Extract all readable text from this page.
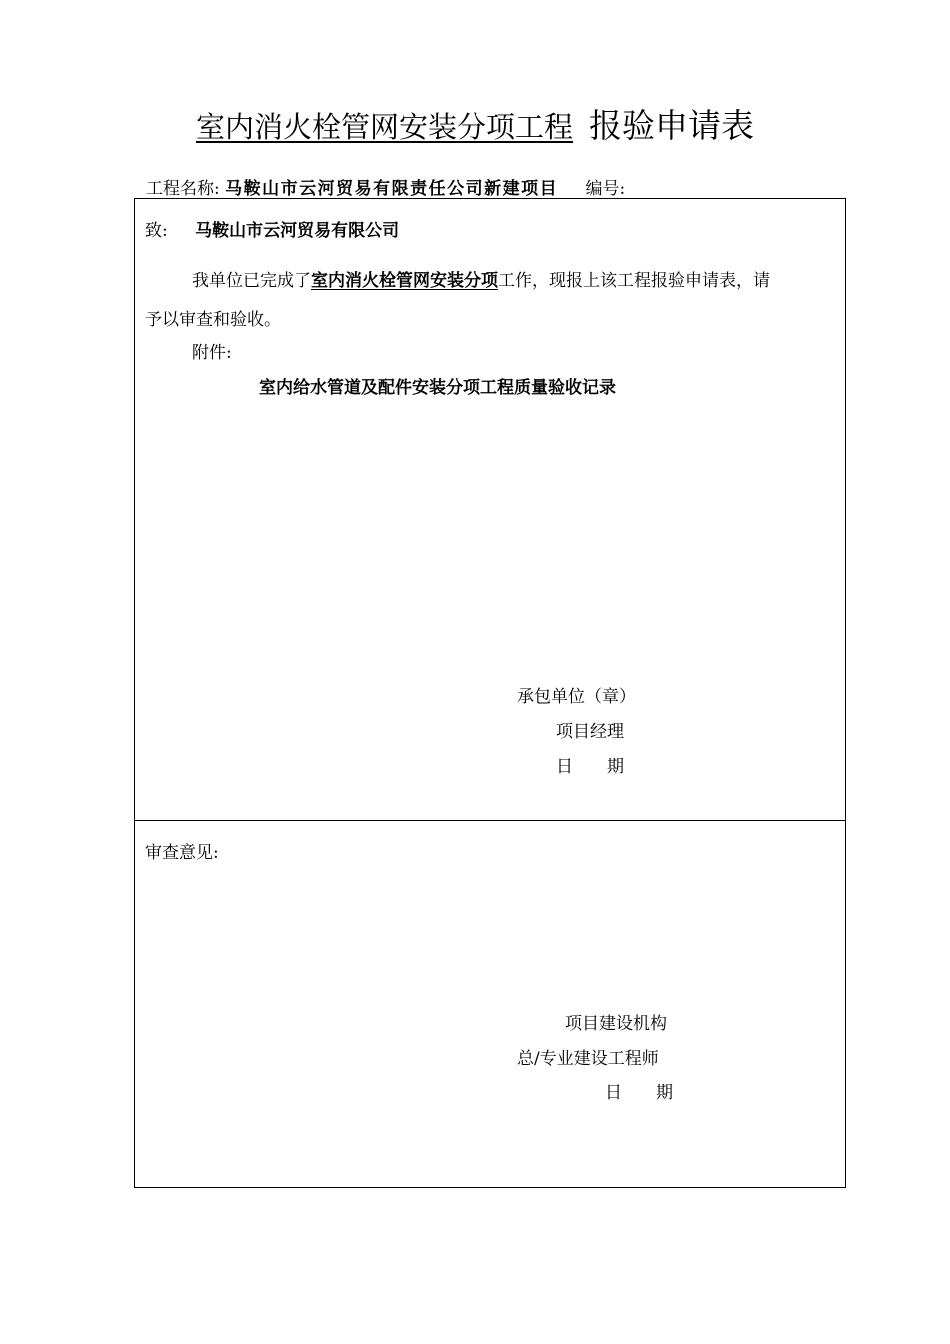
室内消火栓管网安装分项工程 报验申请表
工程名称: 马鞍山市云河贸易有限责任公司新建项目 编号:
致: 马鞍山市云河贸易有限公司
我单位已完成了室内消火栓管网安装分项工作，现报上该工程报验申请表，请
予以审查和验收。
附件:
室内给水管道及配件安装分项工程质量验收记录
承包单位（章）
项目经理
日　　期
审查意见:
项目建设机构
总/专业建设工程师
日　　期
